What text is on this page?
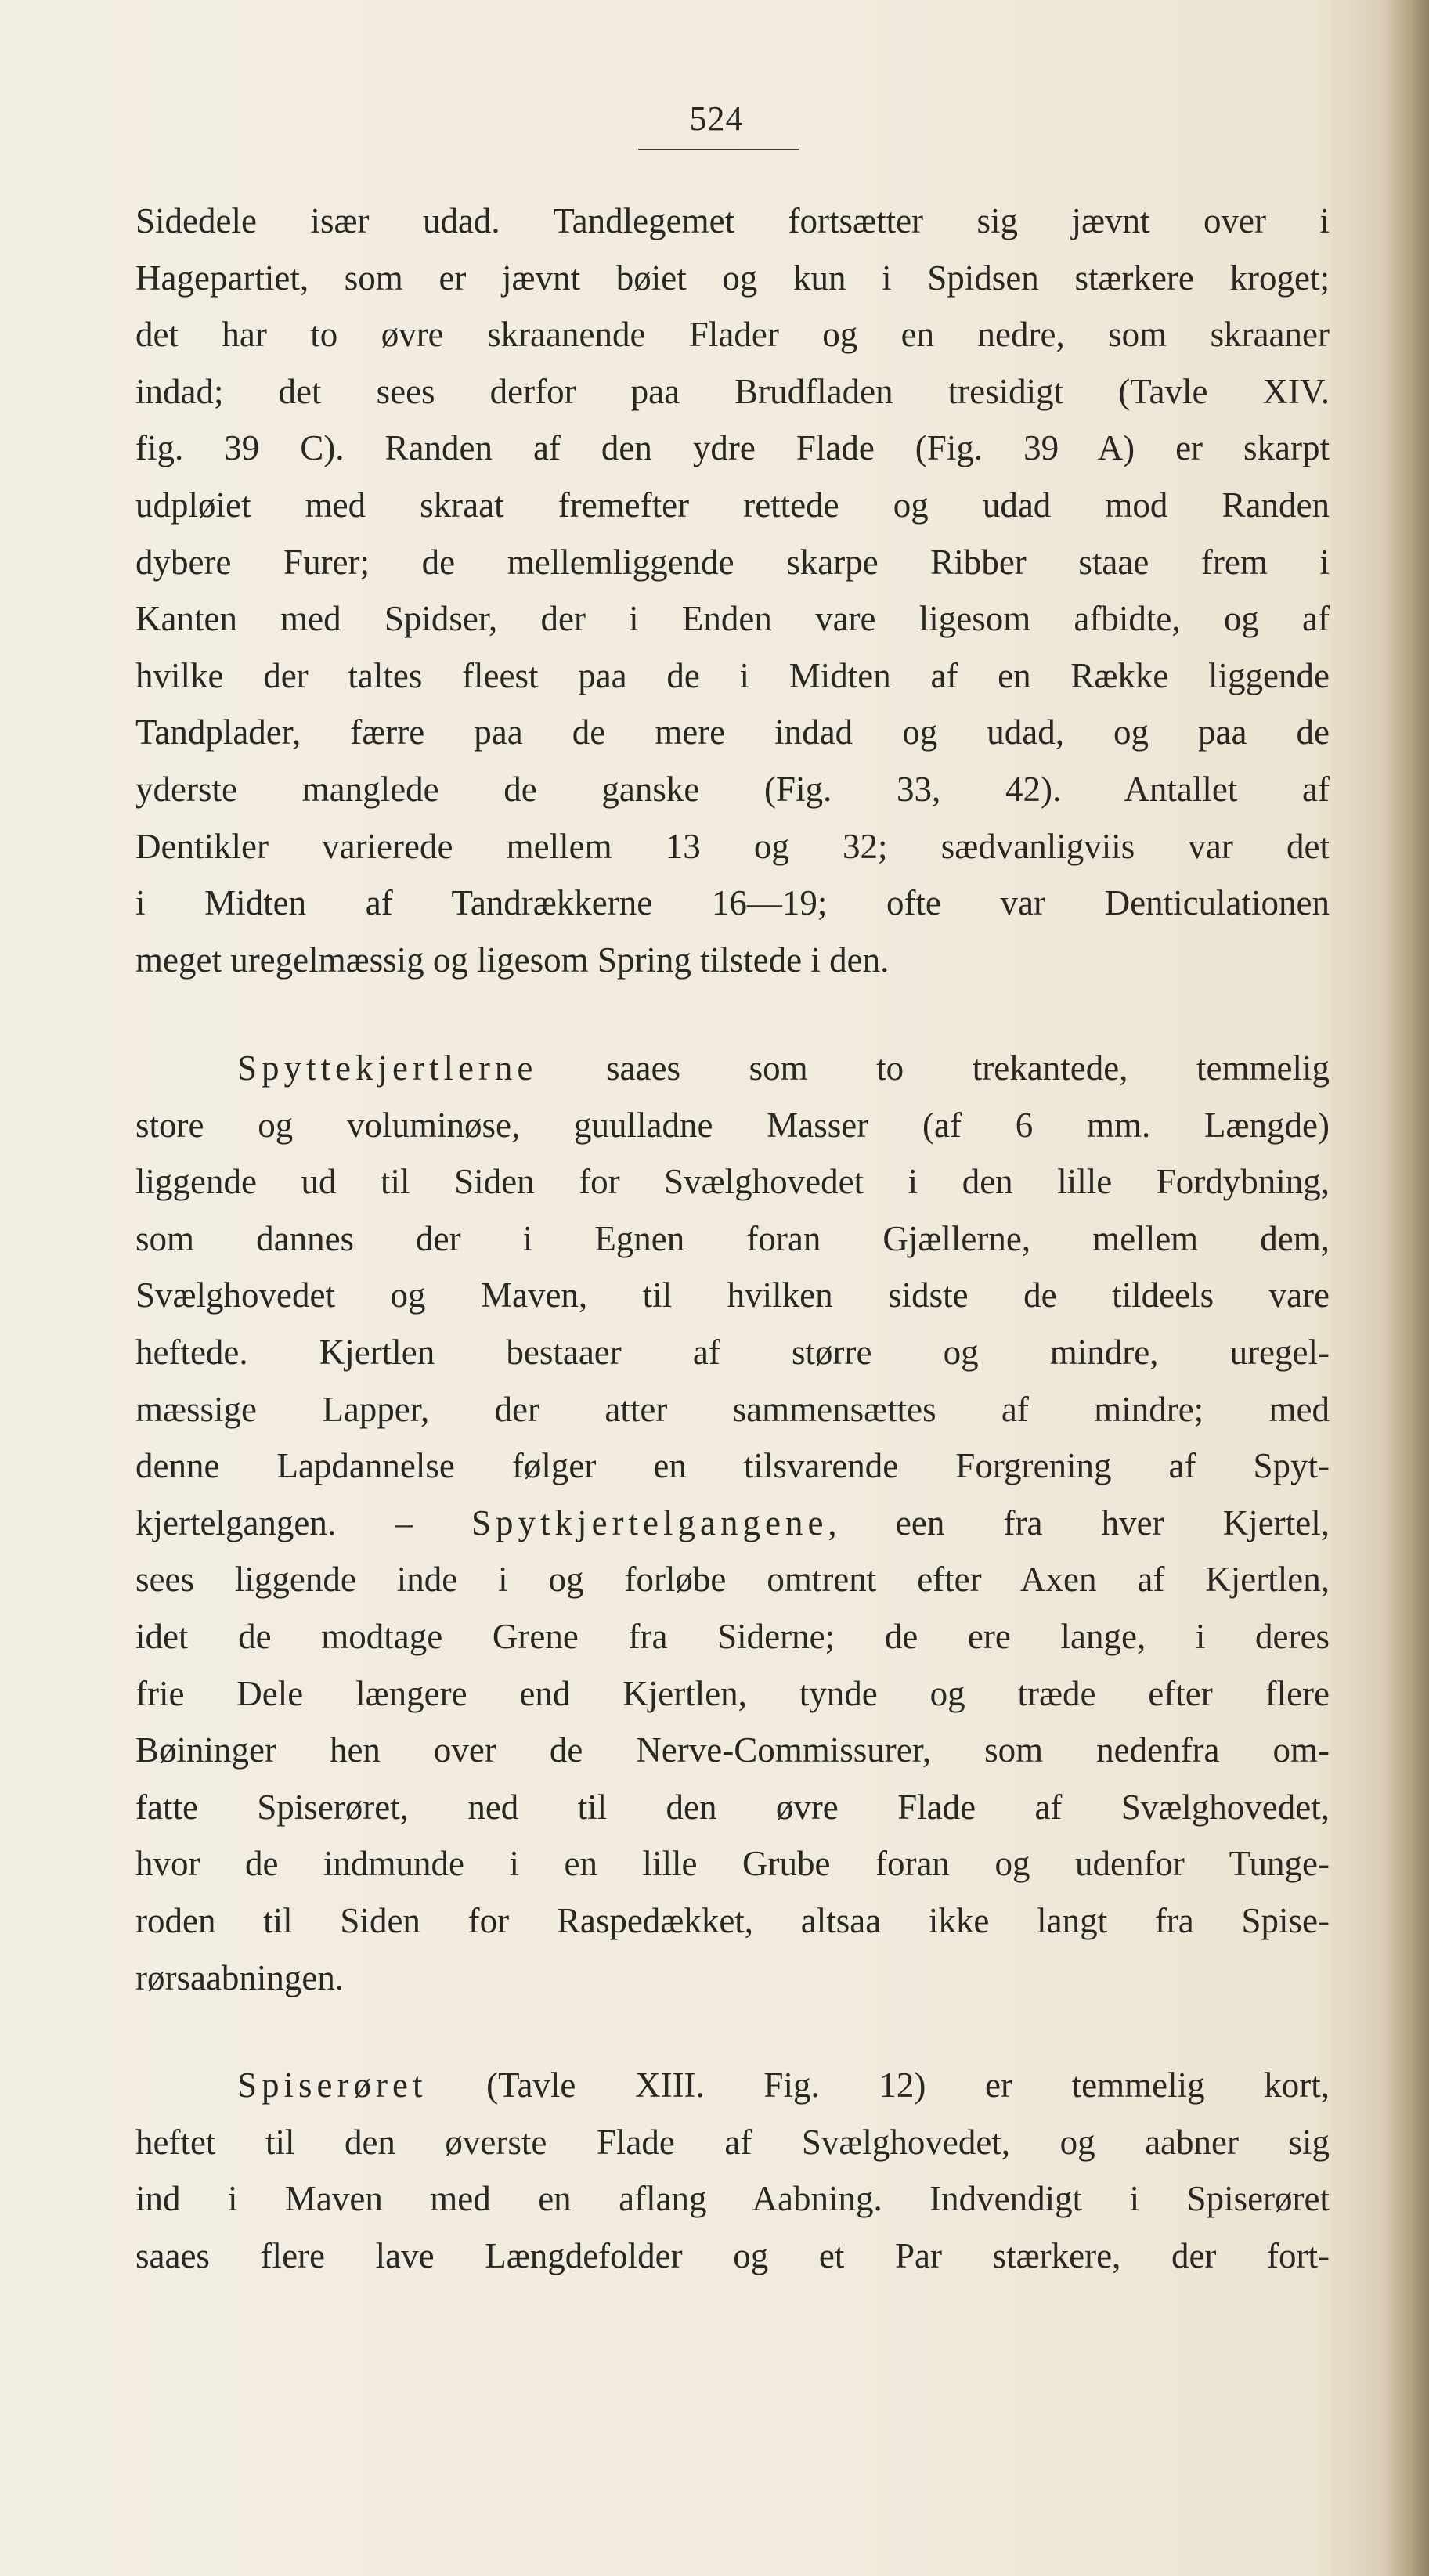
524
Sidedele især udad. Tandlegemet fortsætter sig jævnt over i
Hagepartiet, som er jævnt bøiet og kun i Spidsen stærkere kroget;
det har to øvre skraanende Flader og en nedre, som skraaner
indad; det sees derfor paa Brudfladen tresidigt (Tavle XIV.
fig. 39 C). Randen af den ydre Flade (Fig. 39 A) er skarpt
udpløiet med skraat fremefter rettede og udad mod Randen
dybere Furer; de mellemliggende skarpe Ribber staae frem i
Kanten med Spidser, der i Enden vare ligesom afbidte, og af
hvilke der taltes fleest paa de i Midten af en Række liggende
Tandplader, færre paa de mere indad og udad, og paa de
yderste manglede de ganske (Fig. 33, 42). Antallet af
Dentikler varierede mellem 13 og 32; sædvanligviis var det
i Midten af Tandrækkerne 16—19; ofte var Denticulationen
meget uregelmæssig og ligesom Spring tilstede i den.
Spyttekjertlerne saaes som to trekantede, temmelig
store og voluminøse, guulladne Masser (af 6 mm. Længde)
liggende ud til Siden for Svælghovedet i den lille Fordybning,
som dannes der i Egnen foran Gjællerne, mellem dem,
Svælghovedet og Maven, til hvilken sidste de tildeels vare
heftede. Kjertlen bestaaer af større og mindre, uregel-
mæssige Lapper, der atter sammensættes af mindre; med
denne Lapdannelse følger en tilsvarende Forgrening af Spyt-
kjertelgangen. – Spytkjertelgangene, een fra hver Kjertel,
sees liggende inde i og forløbe omtrent efter Axen af Kjertlen,
idet de modtage Grene fra Siderne; de ere lange, i deres
frie Dele længere end Kjertlen, tynde og træde efter flere
Bøininger hen over de Nerve-Commissurer, som nedenfra om-
fatte Spiserøret, ned til den øvre Flade af Svælghovedet,
hvor de indmunde i en lille Grube foran og udenfor Tunge-
roden til Siden for Raspedækket, altsaa ikke langt fra Spise-
rørsaabningen.
Spiserøret (Tavle XIII. Fig. 12) er temmelig kort,
heftet til den øverste Flade af Svælghovedet, og aabner sig
ind i Maven med en aflang Aabning. Indvendigt i Spiserøret
saaes flere lave Længdefolder og et Par stærkere, der fort-
